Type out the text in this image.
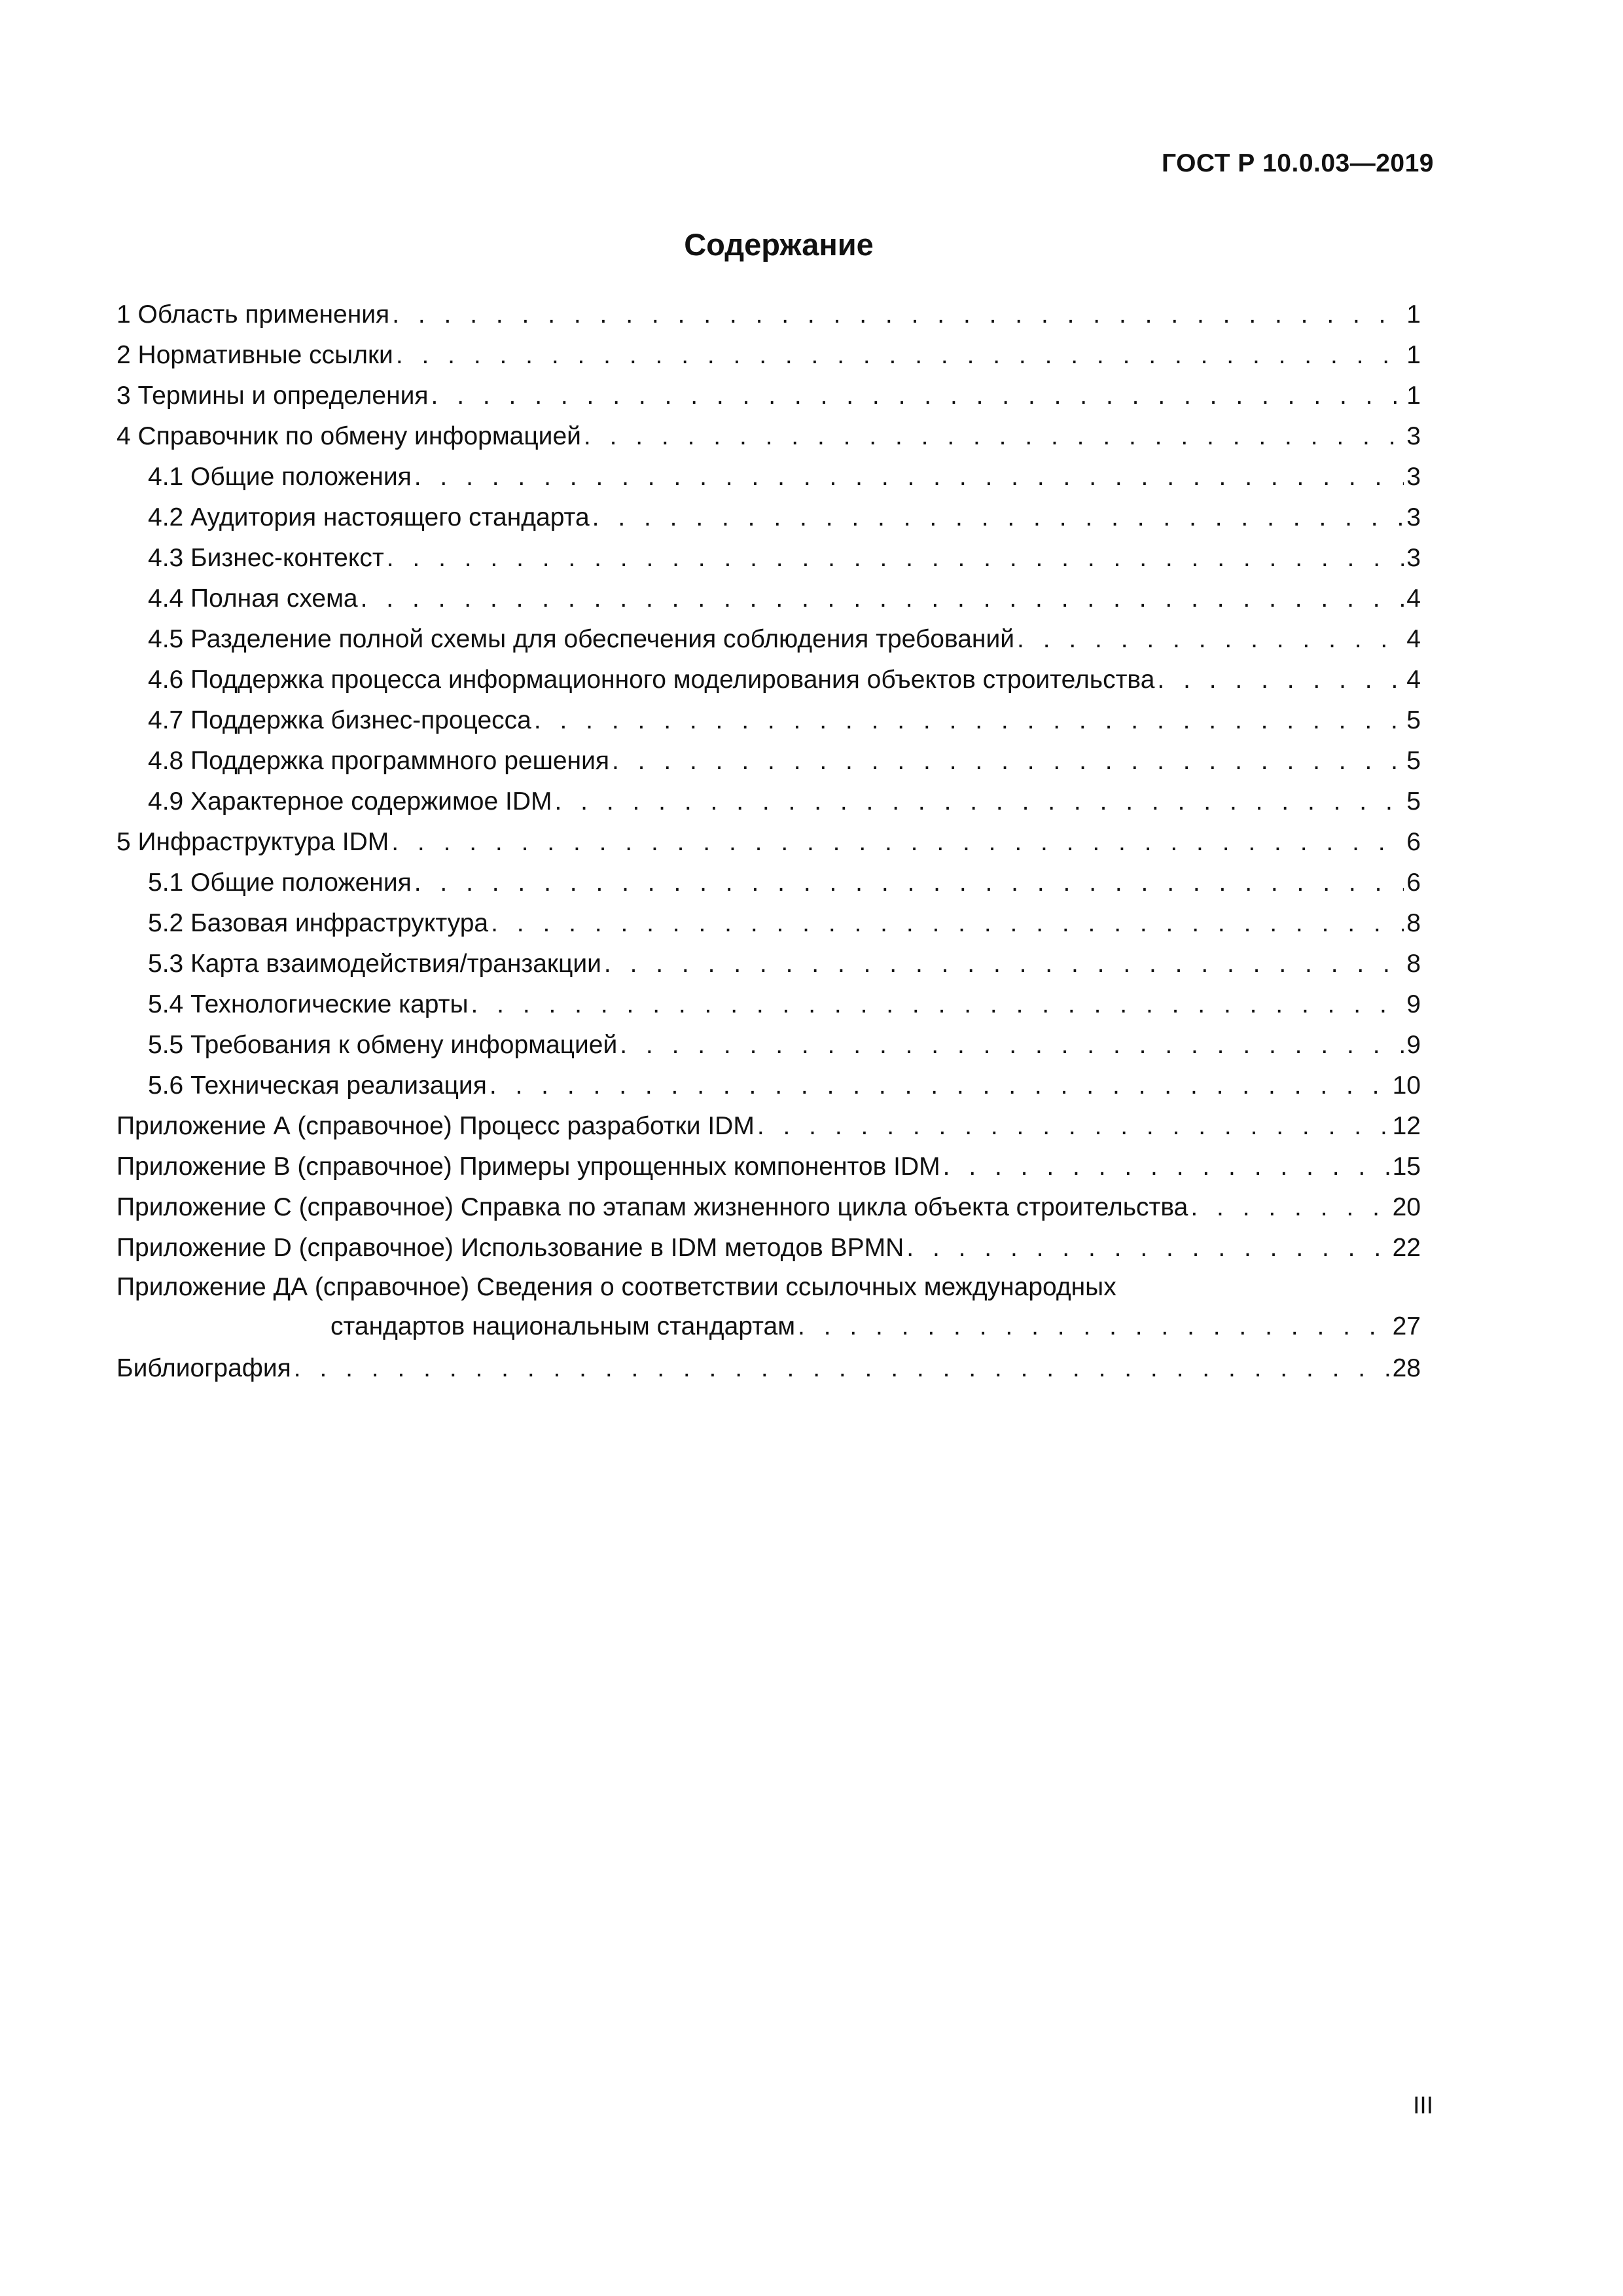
ГОСТ Р 10.0.03—2019
Содержание
1 Область применения . . .	1
2 Нормативные ссылки . . .	1
3 Термины и определения . . .	1
4 Справочник по обмену информацией . . .	3
4.1 Общие положения . . .	3
4.2 Аудитория настоящего стандарта . . .	3
4.3 Бизнес-контекст . . .	3
4.4 Полная схема . . .	4
4.5 Разделение полной схемы для обеспечения соблюдения требований . . .	4
4.6 Поддержка процесса информационного моделирования объектов строительства . . .	4
4.7 Поддержка бизнес-процесса . . .	5
4.8 Поддержка программного решения . . .	5
4.9 Характерное содержимое IDM . . .	5
5 Инфраструктура IDM . . .	6
5.1 Общие положения . . .	6
5.2 Базовая инфраструктура . . .	8
5.3 Карта взаимодействия/транзакции . . .	8
5.4 Технологические карты . . .	9
5.5 Требования к обмену информацией . . .	9
5.6 Техническая реализация . . .	10
Приложение А (справочное) Процесс разработки IDM . . .	12
Приложение В (справочное) Примеры упрощенных компонентов IDM . . .	15
Приложение С (справочное) Справка по этапам жизненного цикла объекта строительства . . .	20
Приложение D (справочное) Использование в IDM методов BPMN . . .	22
Приложение ДА (справочное) Сведения о соответствии ссылочных международных
стандартов национальным стандартам . . .	27
Библиография . . .	28
III
